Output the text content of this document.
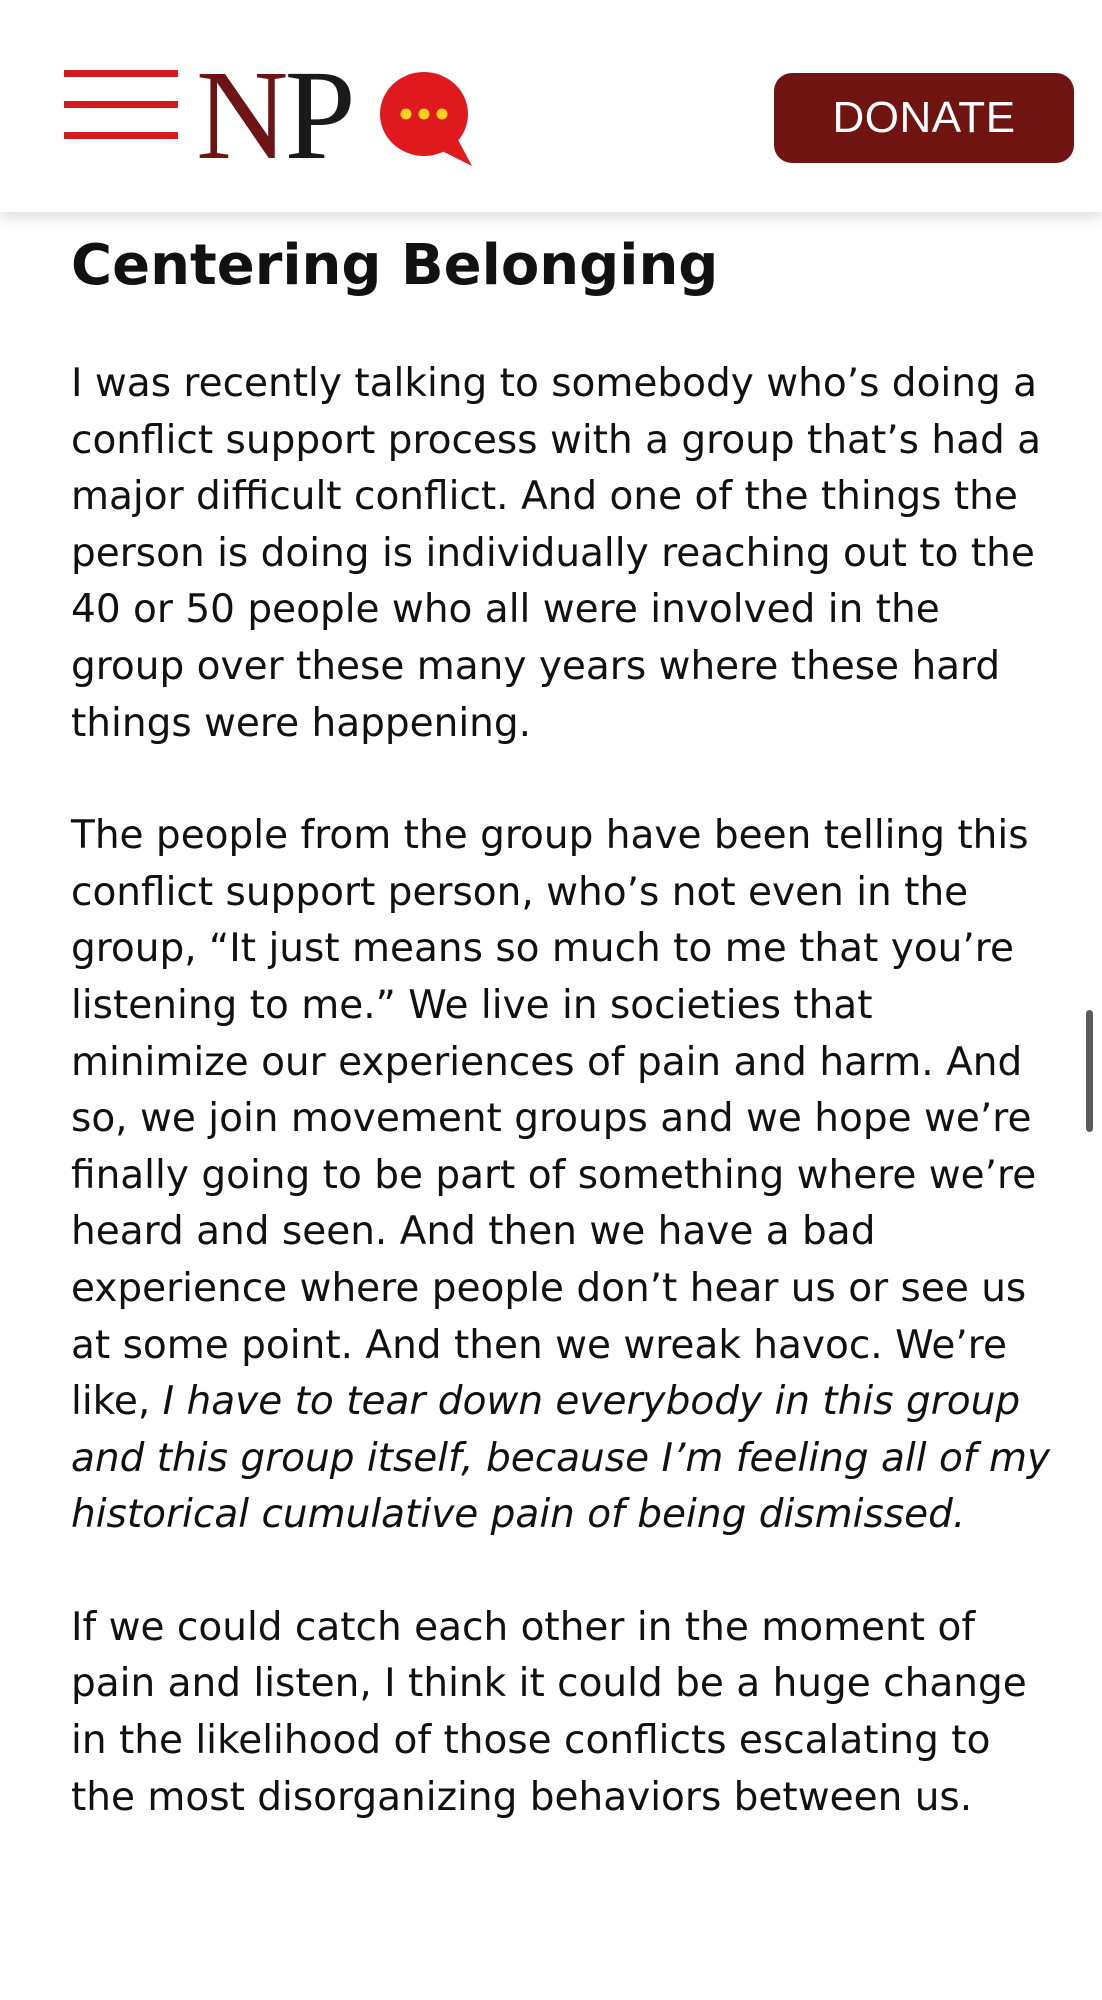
NP	DONATE
Centering Belonging

I was recently talking to somebody who’s doing a conflict support process with a group that’s had a major difficult conflict. And one of the things the person is doing is individually reaching out to the 40 or 50 people who all were involved in the group over these many years where these hard things were happening.

The people from the group have been telling this conflict support person, who’s not even in the group, “It just means so much to me that you’re listening to me.” We live in societies that minimize our experiences of pain and harm. And so, we join movement groups and we hope we’re finally going to be part of something where we’re heard and seen. And then we have a bad experience where people don’t hear us or see us at some point. And then we wreak havoc. We’re like, I have to tear down everybody in this group and this group itself, because I’m feeling all of my historical cumulative pain of being dismissed.

If we could catch each other in the moment of pain and listen, I think it could be a huge change in the likelihood of those conflicts escalating to the most disorganizing behaviors between us.
